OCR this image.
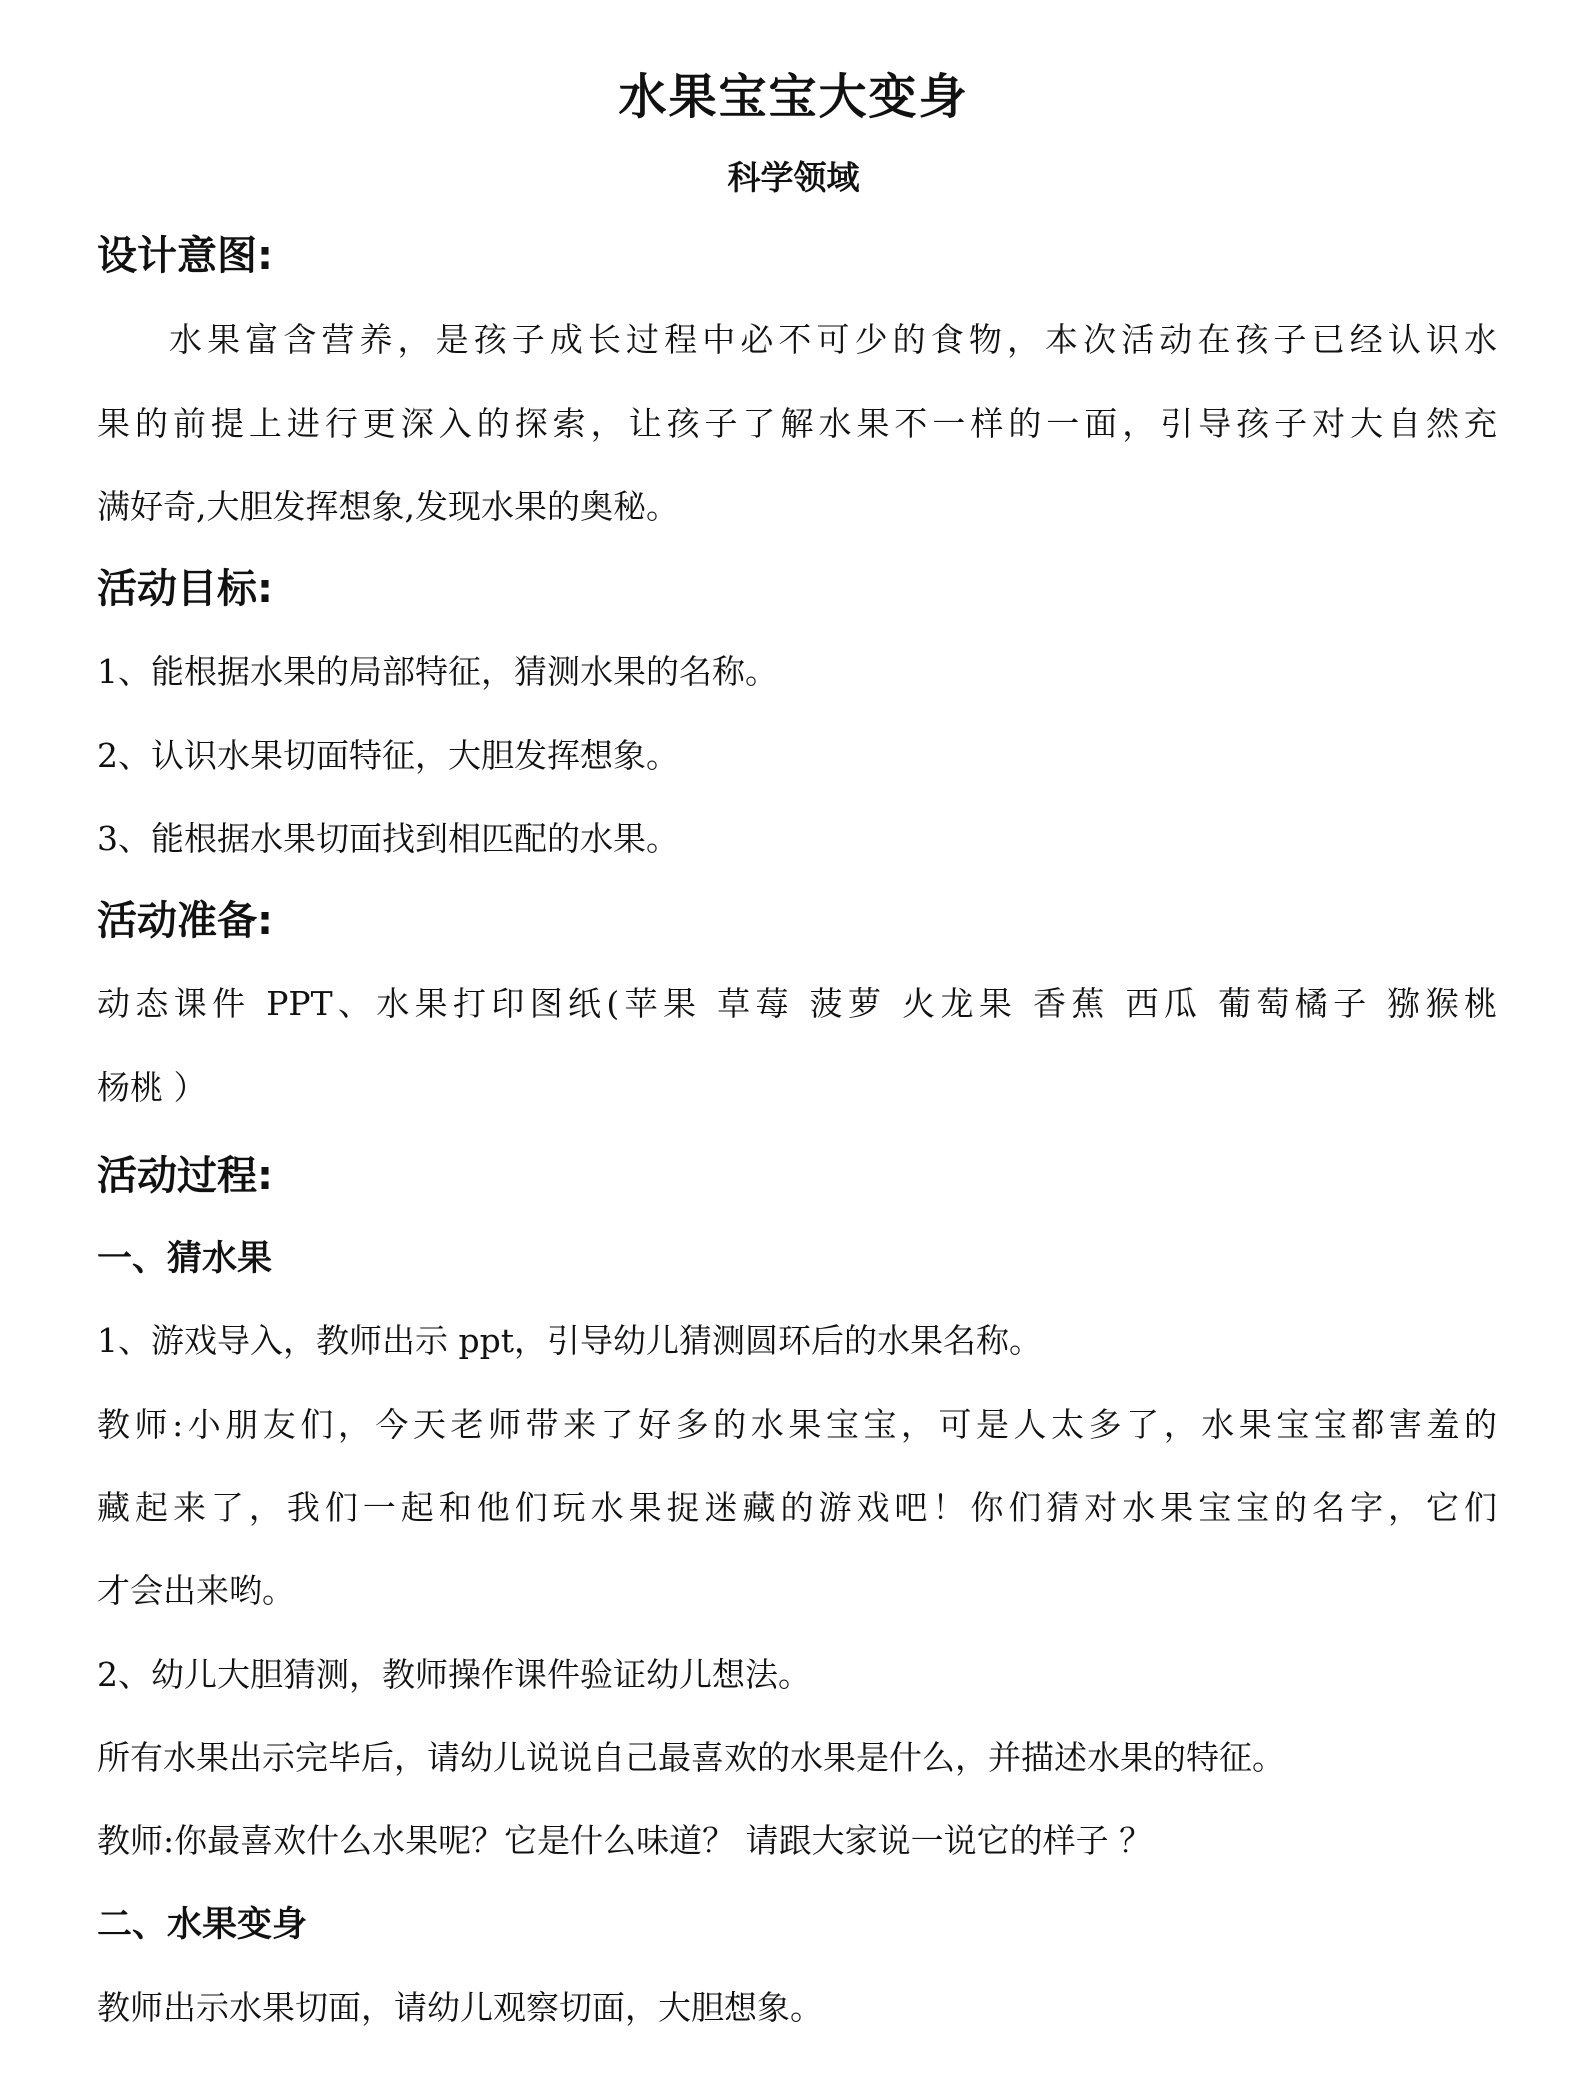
水果宝宝大变身
科学领域
设计意图:
水果富含营养，是孩子成长过程中必不可少的食物，本次活动在孩子已经认识水
果的前提上进行更深入的探索，让孩子了解水果不一样的一面，引导孩子对大自然充
满好奇,大胆发挥想象,发现水果的奥秘。
活动目标:
1、能根据水果的局部特征，猜测水果的名称。
2、认识水果切面特征，大胆发挥想象。
3、能根据水果切面找到相匹配的水果。
活动准备:
动态课件 PPT、水果打印图纸(苹果 草莓 菠萝 火龙果 香蕉 西瓜 葡萄橘子 猕猴桃
杨桃 ）
活动过程:
一、猜水果
1、游戏导入，教师出示 ppt，引导幼儿猜测圆环后的水果名称。
教师:小朋友们，今天老师带来了好多的水果宝宝，可是人太多了，水果宝宝都害羞的
藏起来了，我们一起和他们玩水果捉迷藏的游戏吧！你们猜对水果宝宝的名字，它们
才会出来哟。
2、幼儿大胆猜测，教师操作课件验证幼儿想法。
所有水果出示完毕后，请幼儿说说自己最喜欢的水果是什么，并描述水果的特征。
教师:你最喜欢什么水果呢？它是什么味道？ 请跟大家说一说它的样子 ？
二、水果变身
教师出示水果切面，请幼儿观察切面，大胆想象。
